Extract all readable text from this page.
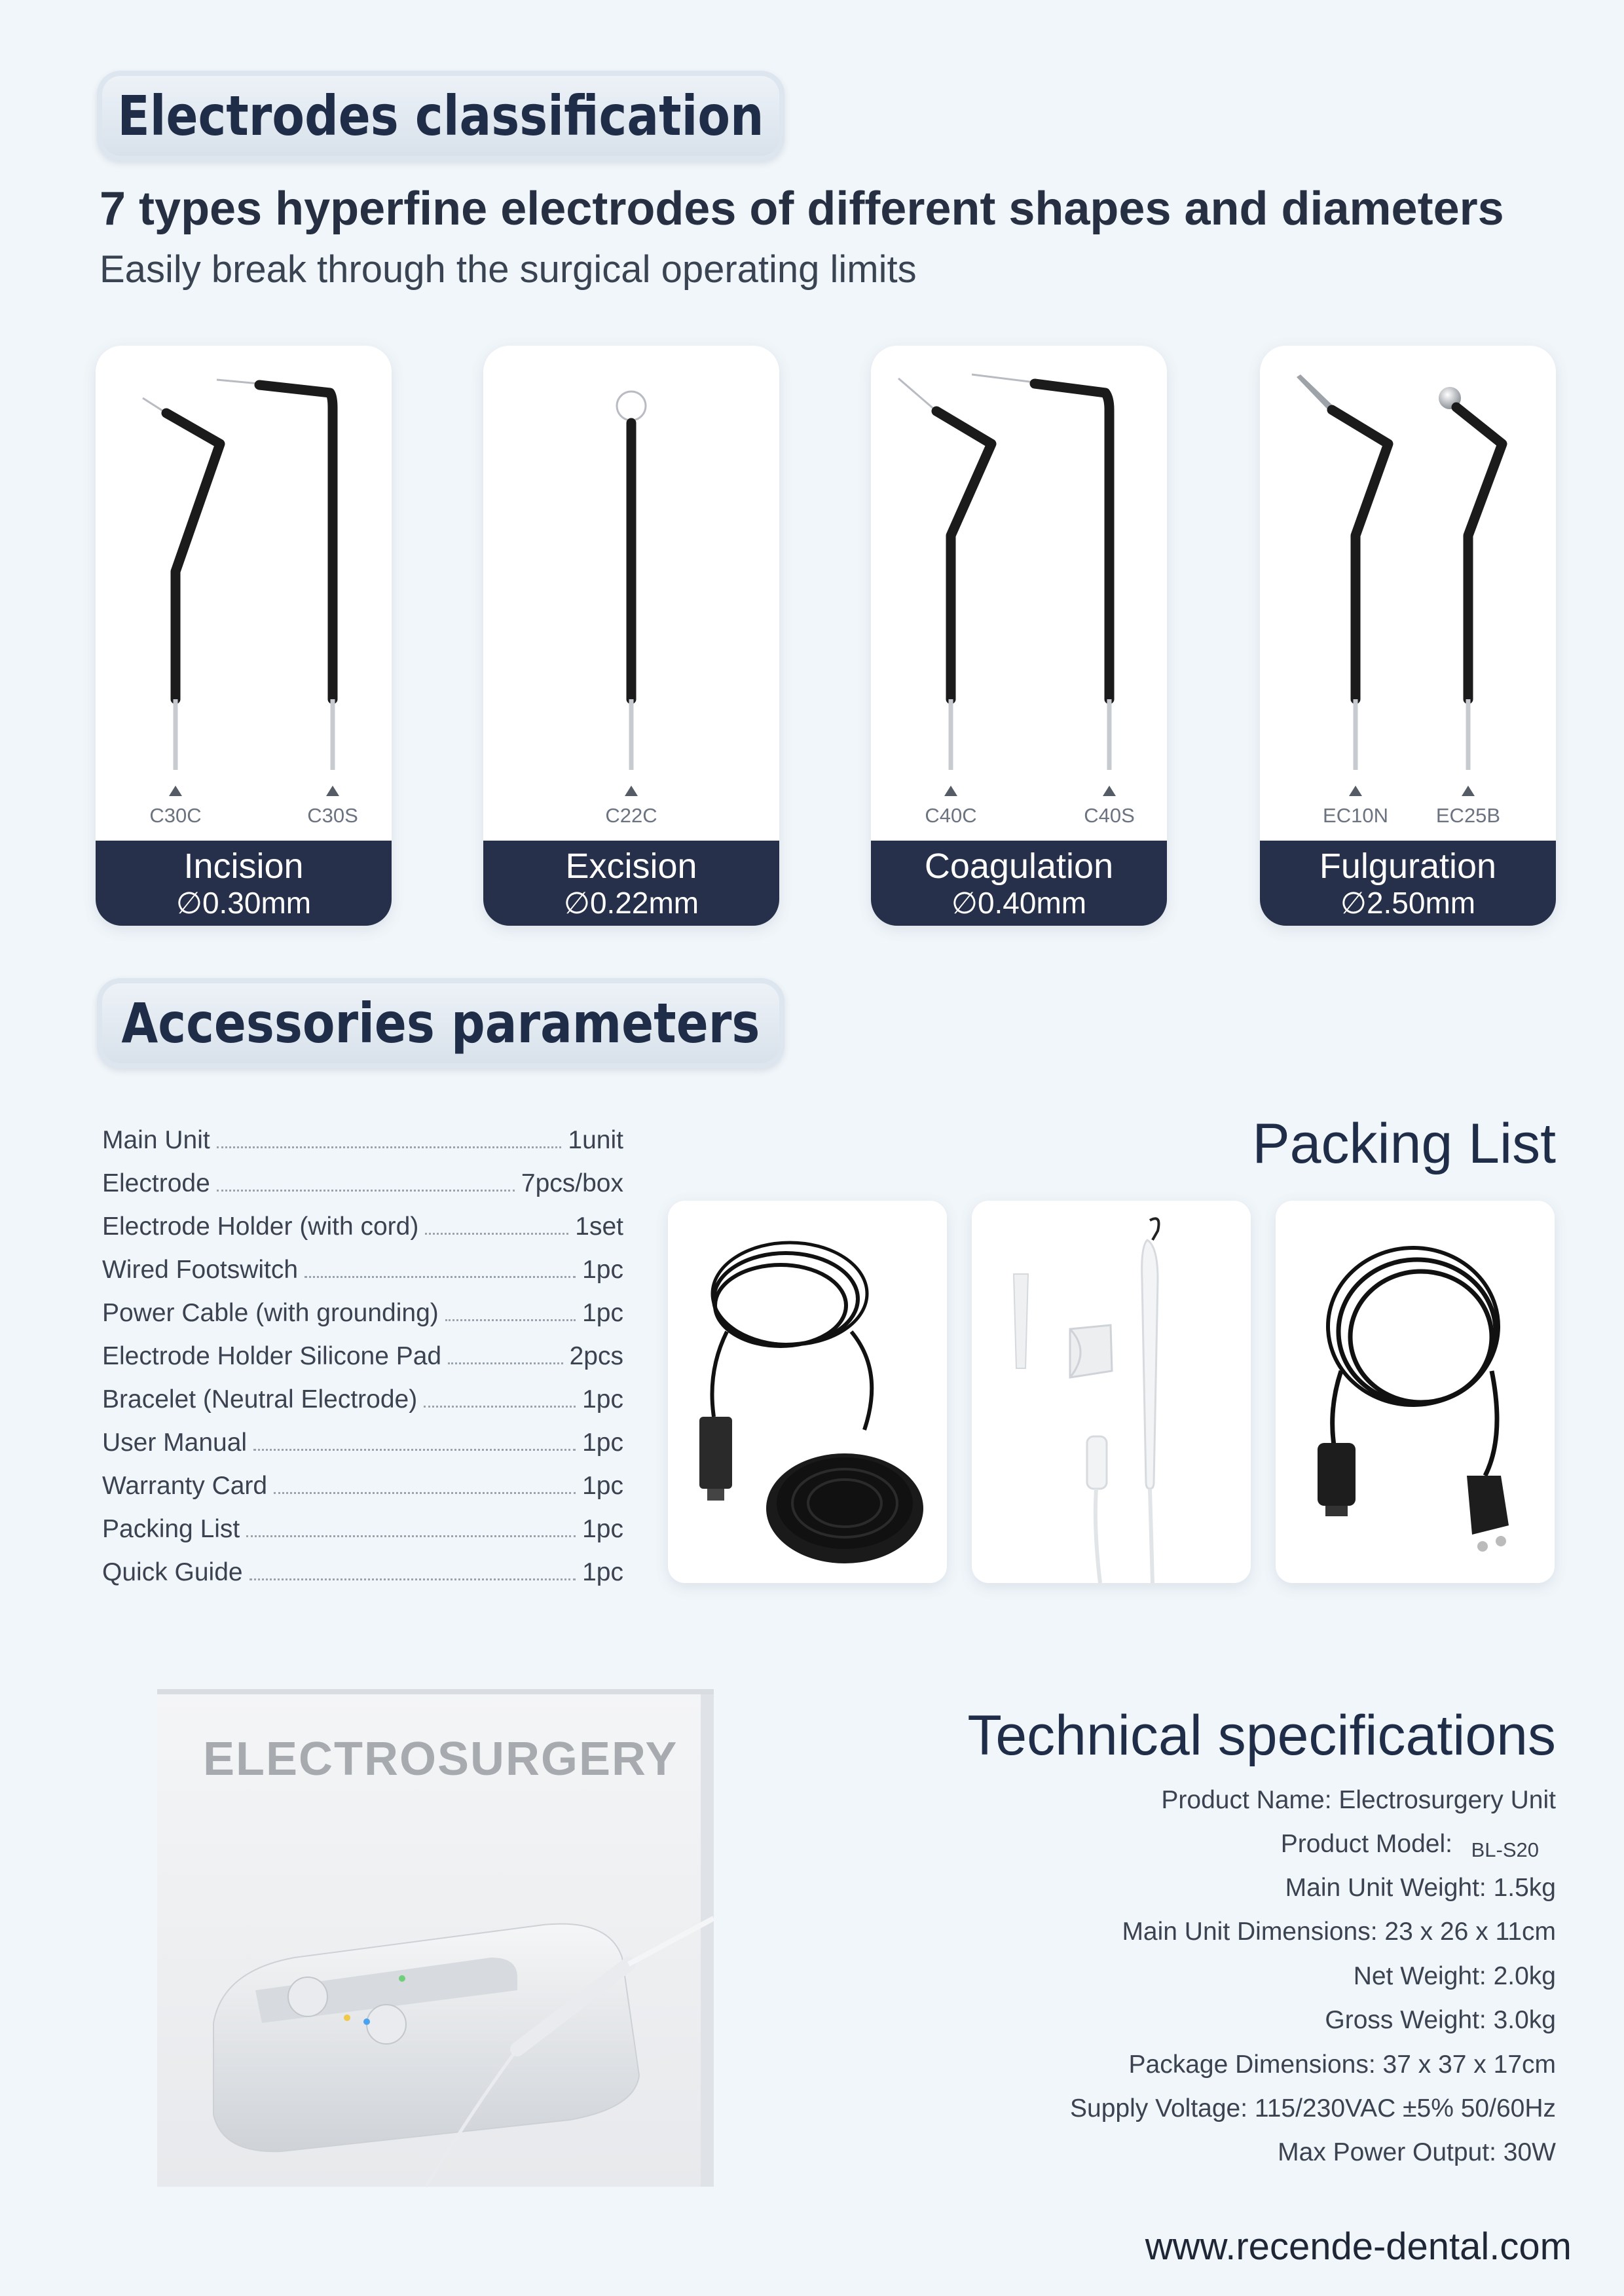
Electrodes classification
7 types hyperfine electrodes of different shapes and diameters
Easily break through the surgical operating limits
C30C	C30S
Incision
∅0.30mm
C22C
Excision
∅0.22mm
C40C	C40S
Coagulation
∅0.40mm
EC10N	EC25B
Fulguration
∅2.50mm
Accessories parameters
Main Unit	1unit
Electrode	7pcs/box
Electrode Holder (with cord)	1set
Wired Footswitch	1pc
Power Cable (with grounding)	1pc
Electrode Holder Silicone Pad	2pcs
Bracelet (Neutral Electrode)	1pc
User Manual	1pc
Warranty Card	1pc
Packing List	1pc
Quick Guide	1pc
Packing List
ELECTROSURGERY	Technical specifications
Product Name: Electrosurgery Unit
Product Model: BL-S20
Main Unit Weight: 1.5kg
Main Unit Dimensions: 23 x 26 x 11cm
Net Weight: 2.0kg
Gross Weight: 3.0kg
Package Dimensions: 37 x 37 x 17cm
Supply Voltage: 115/230VAC ±5% 50/60Hz
Max Power Output: 30W
www.recende-dental.com
